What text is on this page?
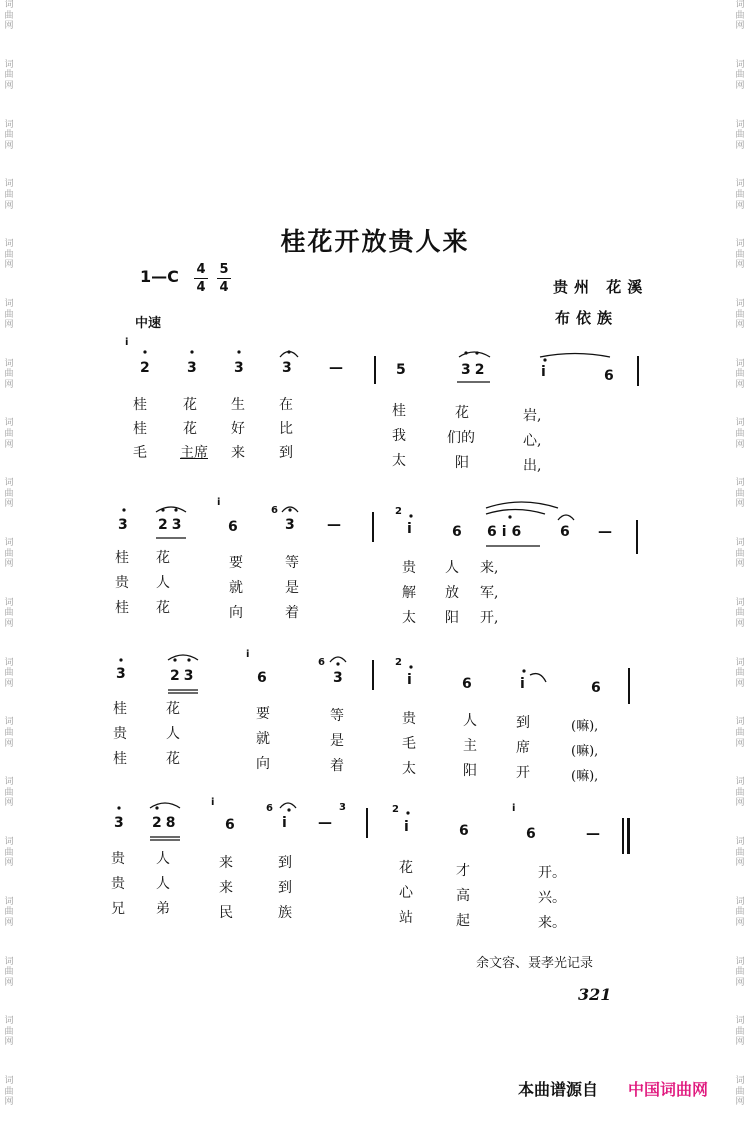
词
曲
网
词
曲
网
词
曲
网
词
曲
网
词
曲
网
词
曲
网
词
曲
网
词
曲
网
词
曲
网
词
曲
网
词
曲
网
词
曲
网
词
曲
网
词
曲
网
词
曲
网
词
曲
网
词
曲
网
词
曲
网
词
曲
网
词
曲
网
词
曲
网
词
曲
网
词
曲
网
词
曲
网
词
曲
网
词
曲
网
词
曲
网
词
曲
网
词
曲
网
词
曲
网
词
曲
网
词
曲
网
词
曲
网
词
曲
网
词
曲
网
词
曲
网
词
曲
网
词
曲
网
桂花开放贵人来
1—C 4
4
5
4
中速
贵州 花溪
布依族
i
2	3	3	3	—	5	32	i	6
桂	花 生 在	桂	花	岩,
桂	花 好 比	我	们的	心,
毛 主席 来 到	太	阳	出,
3 23
i
6
6
3 —
2
i	6 6i6 6 —
桂 花	要	等	贵 人 来,
贵 人	就	是	解 放 军,
桂 花	向	着	太 阳 开,
3	23
i
6
6
3
2
i	6	i	6
桂	花	要	等	贵	人	到	(嘛),
贵	人	就	是	毛	主	席	(嘛),
桂	花	向	着	太	阳	开	(嘛),
3 28
i
6
6
i —
3	2
i	6
i
6	—
贵 人	来	到	花	才	开。
贵 人	来	到	心	高	兴。
兄 弟	民	族	站	起	来。
余文容、聂孝光记录
321
本曲谱源自 中国词曲网
